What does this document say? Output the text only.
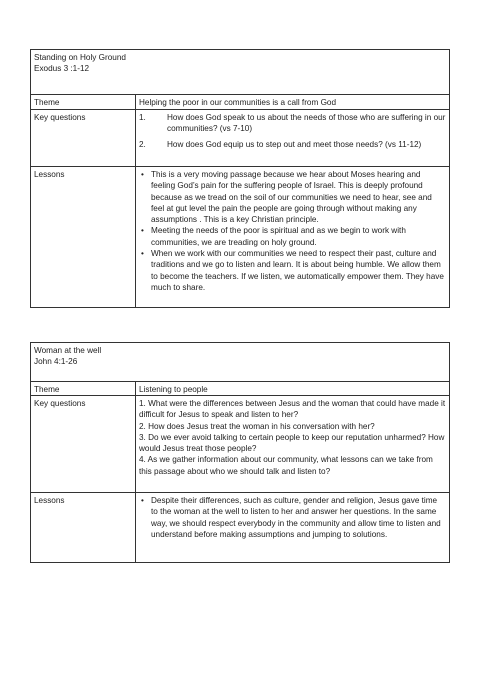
Standing on Holy Ground
Exodus 3 :1-12
Theme	Helping the poor in our communities is a call from God
Key questions	1.	How does God speak to us about the needs of those who are suffering in our communities? (vs 7-10)
2.	How does God equip us to step out and meet those needs? (vs 11-12)
Lessons	• This is a very moving passage because we hear about Moses hearing and feeling God’s pain for the suffering people of Israel. This is deeply profound because as we tread on the soil of our communities we need to hear, see and feel at gut level the pain the people are going through without making any assumptions . This is a key Christian principle.
• Meeting the needs of the poor is spiritual and as we begin to work with communities, we are treading on holy ground.
• When we work with our communities we need to respect their past, culture and traditions and we go to listen and learn. It is about being humble. We allow them to become the teachers. If we listen, we automatically empower them. They have much to share.
Woman at the well
John 4:1-26
Theme	Listening to people
Key questions	1. What were the differences between Jesus and the woman that could have made it difficult for Jesus to speak and listen to her?
2. How does Jesus treat the woman in his conversation with her?
3. Do we ever avoid talking to certain people to keep our reputation unharmed? How would Jesus treat those people?
4. As we gather information about our community, what lessons can we take from this passage about who we should talk and listen to?
Lessons	• Despite their differences, such as culture, gender and religion, Jesus gave time to the woman at the well to listen to her and answer her questions. In the same way, we should respect everybody in the community and allow time to listen and understand before making assumptions and jumping to solutions.
